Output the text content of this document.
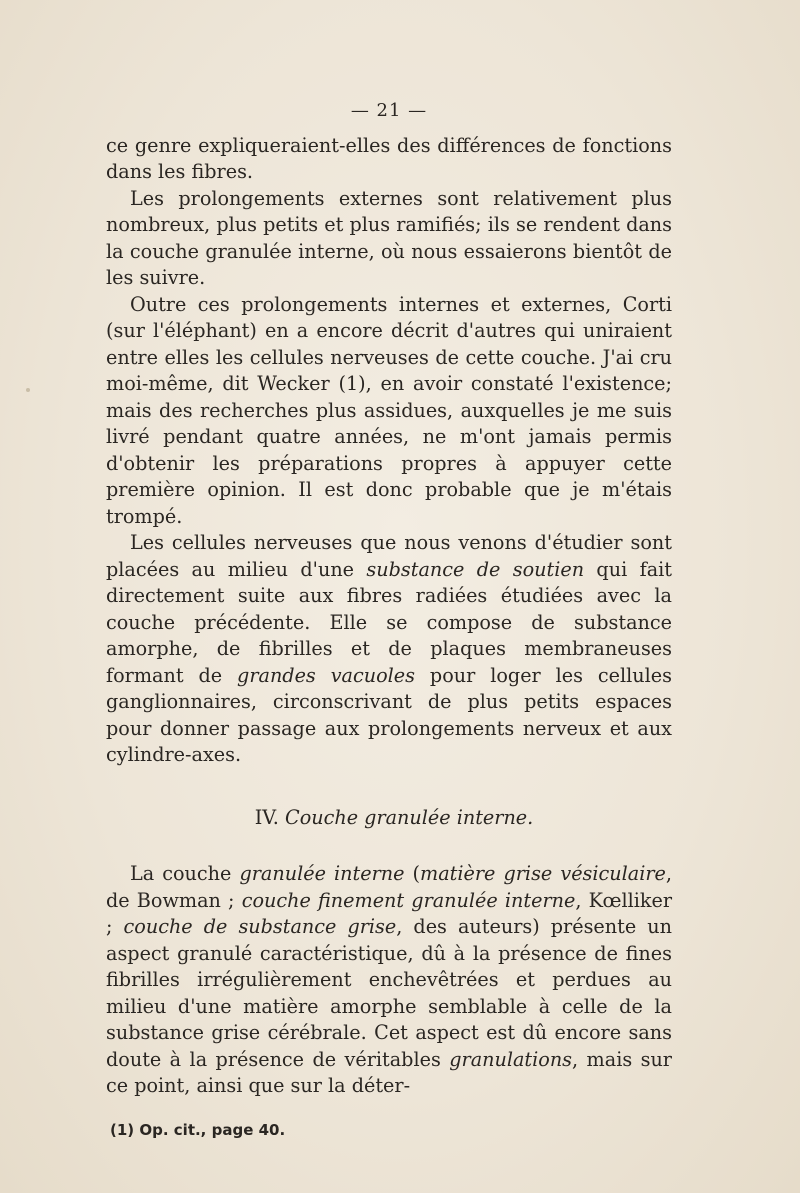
— 21 —

ce genre expliqueraient-elles des différences de fonctions dans les fibres.

Les prolongements externes sont relativement plus nombreux, plus petits et plus ramifiés; ils se rendent dans la couche granulée interne, où nous essaierons bientôt de les suivre.

Outre ces prolongements internes et externes, Corti (sur l'éléphant) en a encore décrit d'autres qui uniraient entre elles les cellules nerveuses de cette couche. J'ai cru moi-même, dit Wecker (1), en avoir constaté l'existence; mais des recherches plus assidues, auxquelles je me suis livré pendant quatre années, ne m'ont jamais permis d'obtenir les préparations propres à appuyer cette première opinion. Il est donc probable que je m'étais trompé.

Les cellules nerveuses que nous venons d'étudier sont placées au milieu d'une substance de soutien qui fait directement suite aux fibres radiées étudiées avec la couche précédente. Elle se compose de substance amorphe, de fibrilles et de plaques membraneuses formant de grandes vacuoles pour loger les cellules ganglionnaires, circonscrivant de plus petits espaces pour donner passage aux prolongements nerveux et aux cylindre-axes.

IV. Couche granulée interne.

La couche granulée interne (matière grise vésiculaire, de Bowman ; couche finement granulée interne, Kœlliker ; couche de substance grise, des auteurs) présente un aspect granulé caractéristique, dû à la présence de fines fibrilles irrégulièrement enchevêtrées et perdues au milieu d'une matière amorphe semblable à celle de la substance grise cérébrale. Cet aspect est dû encore sans doute à la présence de véritables granulations, mais sur ce point, ainsi que sur la déter-

(1) Op. cit., page 40.
